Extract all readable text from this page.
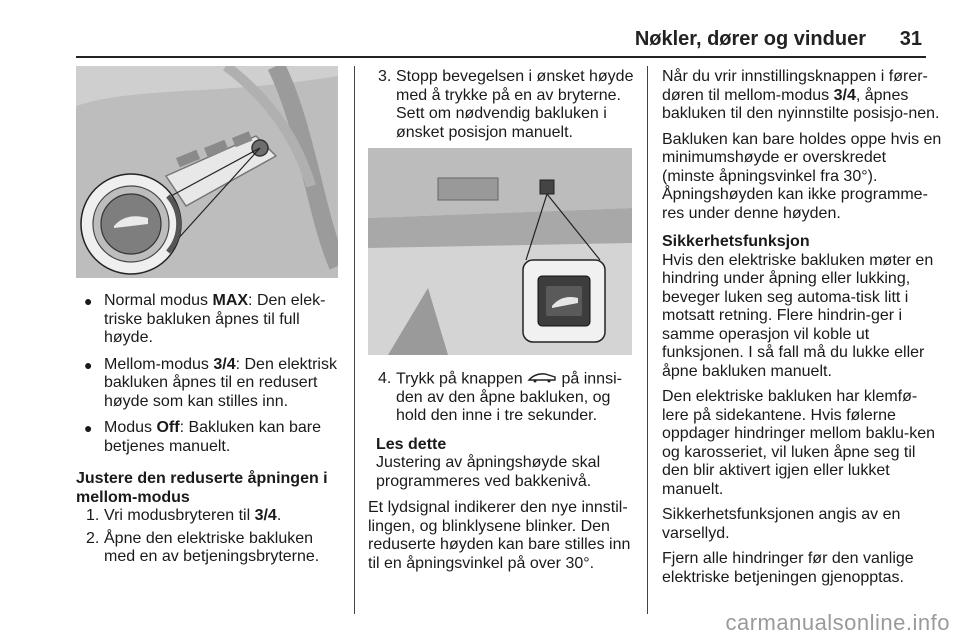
Nøkler, dører og vinduer 31
● Normal modus MAX: Den elek-triske bakluken åpnes til full høyde.
● Mellom-modus 3/4: Den elektrisk bakluken åpnes til en redusert høyde som kan stilles inn.
● Modus Off: Bakluken kan bare betjenes manuelt.
Justere den reduserte åpningen i mellom-modus
1. Vri modusbryteren til 3/4.
2. Åpne den elektriske bakluken med en av betjeningsbryterne.
3. Stopp bevegelsen i ønsket høyde med å trykke på en av bryterne. Sett om nødvendig bakluken i ønsket posisjon manuelt.
4. Trykk på knappen  på innsi-den av den åpne bakluken, og hold den inne i tre sekunder.
Les dette
Justering av åpningshøyde skal programmeres ved bakkenivå.

Et lydsignal indikerer den nye innstil-lingen, og blinklysene blinker. Den reduserte høyden kan bare stilles inn til en åpningsvinkel på over 30°.

Når du vrir innstillingsknappen i fører-døren til mellom-modus 3/4, åpnes bakluken til den nyinnstilte posisjo-nen.

Bakluken kan bare holdes oppe hvis en minimumshøyde er overskredet (minste åpningsvinkel fra 30°). Åpningshøyden kan ikke programme-res under denne høyden.

Sikkerhetsfunksjon

Hvis den elektriske bakluken møter en hindring under åpning eller lukking, beveger luken seg automa-tisk litt i motsatt retning. Flere hindrin-ger i samme operasjon vil koble ut funksjonen. I så fall må du lukke eller åpne bakluken manuelt.

Den elektriske bakluken har klemfø-lere på sidekantene. Hvis følerne oppdager hindringer mellom baklu-ken og karosseriet, vil luken åpne seg til den blir aktivert igjen eller lukket manuelt.

Sikkerhetsfunksjonen angis av en varsellyd.

Fjern alle hindringer før den vanlige elektriske betjeningen gjenopptas.

carmanualsonline.info
